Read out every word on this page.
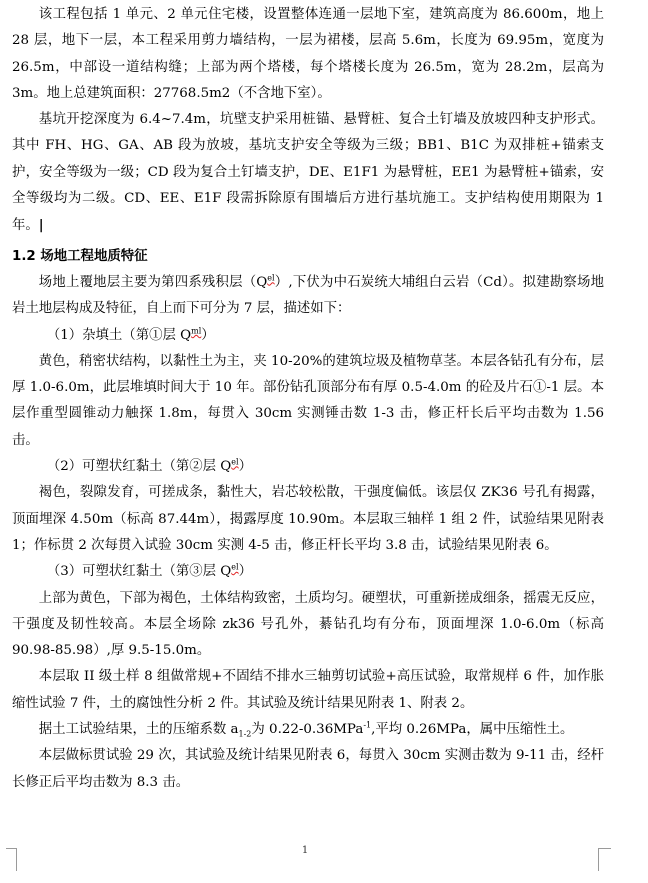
该工程包括 1 单元、2 单元住宅楼，设置整体连通一层地下室，建筑高度为 86.600m，地上 28 层，地下一层，本工程采用剪力墙结构，一层为裙楼，层高 5.6m，长度为 69.95m，宽度为 26.5m，中部设一道结构缝；上部为两个塔楼，每个塔楼长度为 26.5m，宽为 28.2m，层高为 3m。地上总建筑面积：27768.5m2（不含地下室）。

基坑开挖深度为 6.4~7.4m，坑壁支护采用桩锚、悬臂桩、复合土钉墙及放坡四种支护形式。其中 FH、HG、GA、AB 段为放坡，基坑支护安全等级为三级；BB1、B1C 为双排桩+锚索支护，安全等级为一级；CD 段为复合土钉墙支护，DE、E1F1 为悬臂桩，EE1 为悬臂桩+锚索，安全等级均为二级。CD、EE、E1F 段需拆除原有围墙后方进行基坑施工。支护结构使用期限为 1 年。|

1.2 场地工程地质特征

场地上覆地层主要为第四系残积层$(Q^{el})$,下伏为中石炭统大埔组白云岩（Cd）。拟建勘察场地岩土地层构成及特征，自上而下可分为 7 层，描述如下：

（1）杂填土（第①层 $Q^{ml}$）

黄色，稍密状结构，以黏性土为主，夹 10-20%的建筑垃圾及植物草茎。本层各钻孔有分布，层厚 1.0-6.0m，此层堆填时间大于 10 年。部份钻孔顶部分布有厚 0.5-4.0m 的砼及片石①-1 层。本层作重型圆锥动力触探 1.8m，每贯入 30cm 实测锤击数 1-3 击，修正杆长后平均击数为 1.56 击。

（2）可塑状红黏土（第②层 $Q^{el}$）

褐色，裂隙发育，可搓成条，黏性大，岩芯较松散，干强度偏低。该层仅 ZK36 号孔有揭露，顶面埋深 4.50m（标高 87.44m），揭露厚度 10.90m。本层取三轴样 1 组 2 件，试验结果见附表 1；作标贯 2 次每贯入试验 30cm 实测 4-5 击，修正杆长平均 3.8 击，试验结果见附表 6。

（3）可塑状红黏土（第③层 $Q^{el}$）

上部为黄色，下部为褐色，土体结构致密，土质均匀。硬塑状，可重新搓成细条，摇震无反应，干强度及韧性较高。本层全场除 zk36 号孔外，綦钻孔均有分布，顶面埋深 1.0-6.0m（标高 90.98-85.98）,厚 9.5-15.0m。

本层取 II 级土样 8 组做常规+不固结不排水三轴剪切试验+高压试验，取常规样 6 件，加作胀缩性试验 7 件，土的腐蚀性分析 2 件。其试验及统计结果见附表 1、附表 2。

据土工试验结果，土的压缩系数 $a_{1-2}$为 0.22-0.36MPa$^{-1}$,平均 0.26MPa，属中压缩性土。

本层做标贯试验 29 次，其试验及统计结果见附表 6，每贯入 30cm 实测击数为 9-11 击，经杆长修正后平均击数为 8.3 击。

1
